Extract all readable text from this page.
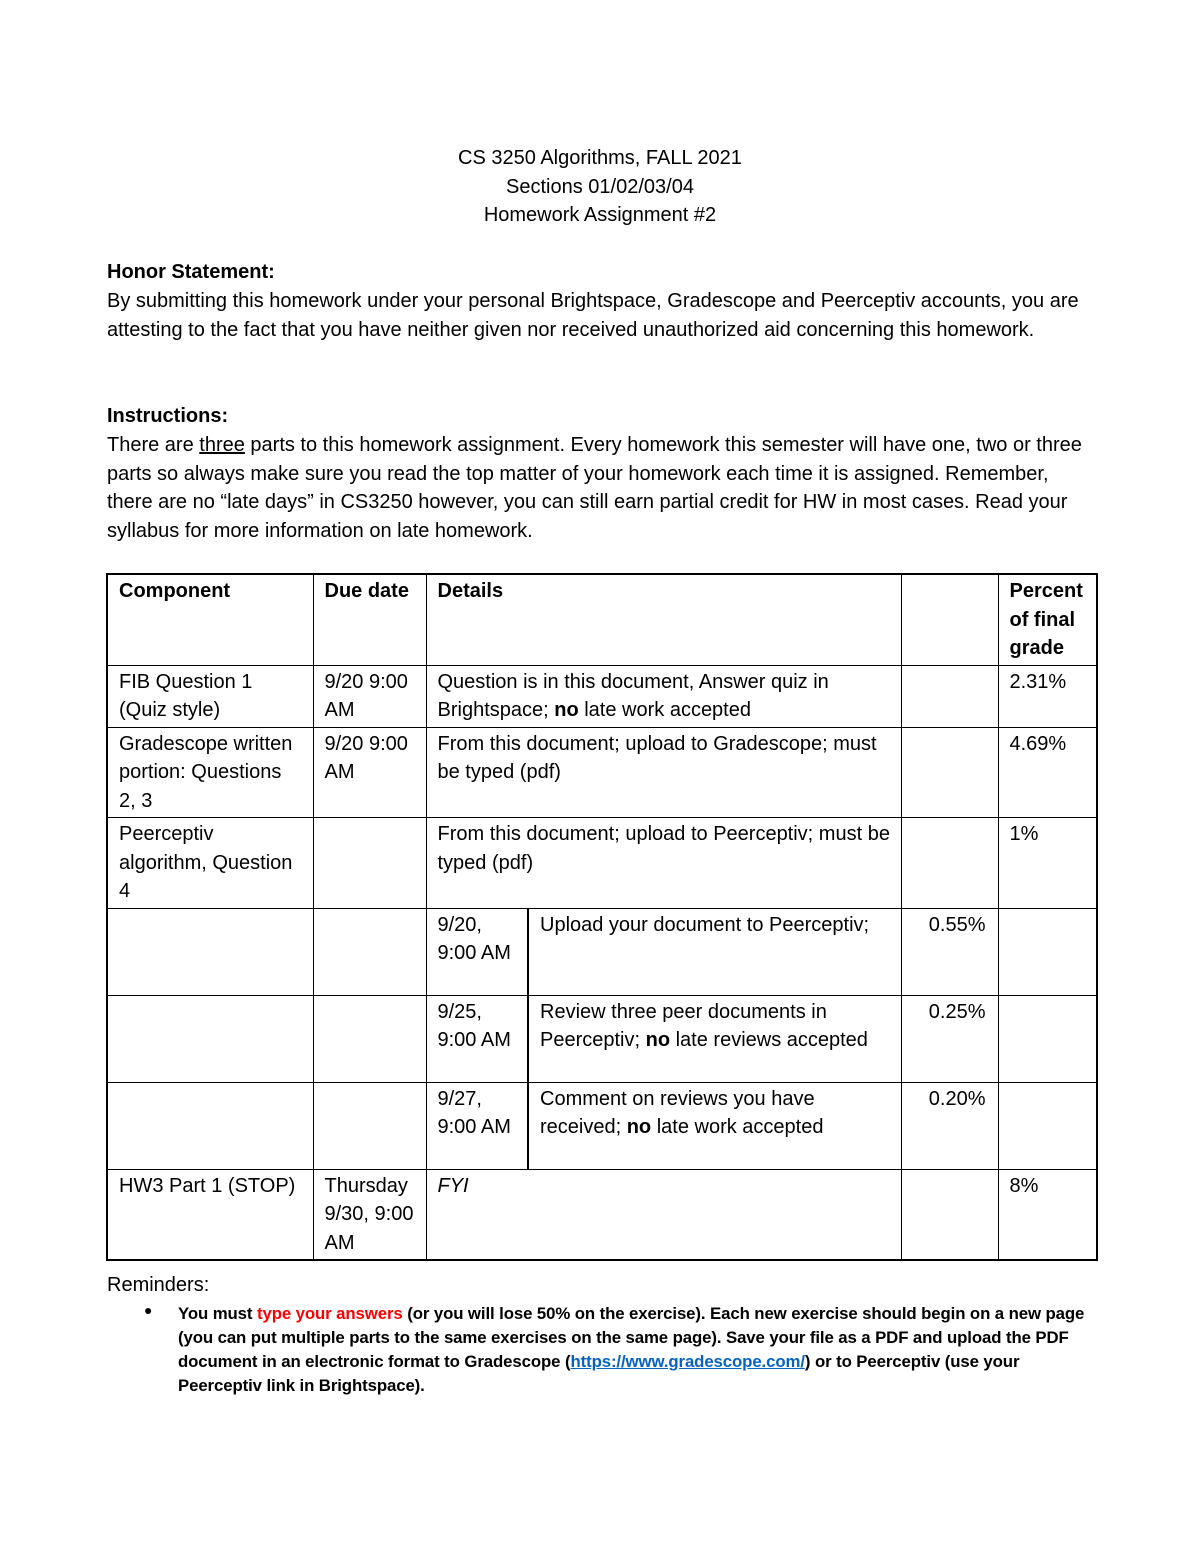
CS 3250 Algorithms, FALL 2021
Sections 01/02/03/04
Homework Assignment #2
Honor Statement:
By submitting this homework under your personal Brightspace, Gradescope and Peerceptiv accounts, you are attesting to the fact that you have neither given nor received unauthorized aid concerning this homework.
Instructions:
There are three parts to this homework assignment. Every homework this semester will have one, two or three parts so always make sure you read the top matter of your homework each time it is assigned. Remember, there are no “late days” in CS3250 however, you can still earn partial credit for HW in most cases. Read your syllabus for more information on late homework.
Component	Due date	Details			Percent of final grade
FIB Question 1 (Quiz style)	9/20 9:00 AM	Question is in this document, Answer quiz in Brightspace; no late work accepted			2.31%
Gradescope written portion: Questions 2, 3	9/20 9:00 AM	From this document; upload to Gradescope; must be typed (pdf)			4.69%
Peerceptiv algorithm, Question 4		From this document; upload to Peerceptiv; must be typed (pdf)			1%
		9/20, 9:00 AM	Upload your document to Peerceptiv;	0.55%	
		9/25, 9:00 AM	Review three peer documents in Peerceptiv; no late reviews accepted	0.25%	
		9/27, 9:00 AM	Comment on reviews you have received; no late work accepted	0.20%	
HW3 Part 1 (STOP)	Thursday 9/30, 9:00 AM	FYI			8%
Reminders:
● You must type your answers (or you will lose 50% on the exercise). Each new exercise should begin on a new page (you can put multiple parts to the same exercises on the same page). Save your file as a PDF and upload the PDF document in an electronic format to Gradescope (https://www.gradescope.com/) or to Peerceptiv (use your Peerceptiv link in Brightspace).
